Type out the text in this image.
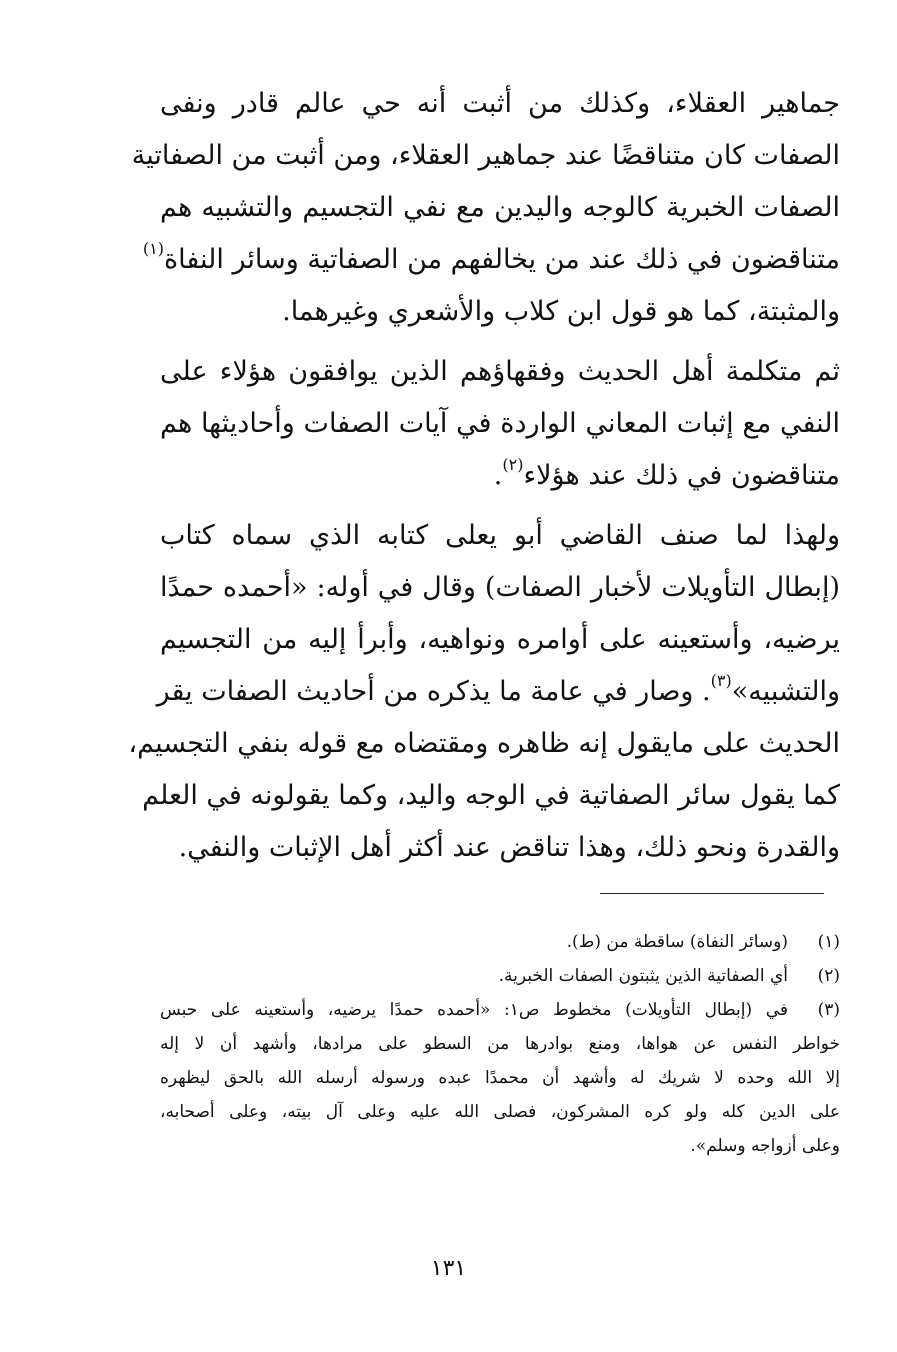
جماهير العقلاء، وكذلك من أثبت أنه حي عالم قادر ونفى
الصفات كان متناقضًا عند جماهير العقلاء، ومن أثبت من الصفاتية
الصفات الخبرية كالوجه واليدين مع نفي التجسيم والتشبيه هم
متناقضون في ذلك عند من يخالفهم من الصفاتية وسائر النفاة$^{(١)}$
والمثبتة، كما هو قول ابن كلاب والأشعري وغيرهما.
ثم متكلمة أهل الحديث وفقهاؤهم الذين يوافقون هؤلاء على
النفي مع إثبات المعاني الواردة في آيات الصفات وأحاديثها هم
متناقضون في ذلك عند هؤلاء$^{(٢)}$.
ولهذا لما صنف القاضي أبو يعلى كتابه الذي سماه كتاب
(إبطال التأويلات لأخبار الصفات) وقال في أوله: «أحمده حمدًا
يرضيه، وأستعينه على أوامره ونواهيه، وأبرأ إليه من التجسيم
والتشبيه»$^{(٣)}$. وصار في عامة ما يذكره من أحاديث الصفات يقر
الحديث على مايقول إنه ظاهره ومقتضاه مع قوله بنفي التجسيم،
كما يقول سائر الصفاتية في الوجه واليد، وكما يقولونه في العلم
والقدرة ونحو ذلك، وهذا تناقض عند أكثر أهل الإثبات والنفي.
(١)
(وسائر النفاة) ساقطة من (ط).
(٢)
أي الصفاتية الذين يثبتون الصفات الخبرية.
(٣)
في (إبطال التأويلات) مخطوط ص١: «أحمده حمدًا يرضيه، وأستعينه على حبس
خواطر النفس عن هواها، ومنع بوادرها من السطو على مرادها، وأشهد أن لا إله
إلا الله وحده لا شريك له وأشهد أن محمدًا عبده ورسوله أرسله الله بالحق ليظهره
على الدين كله ولو كره المشركون، فصلى الله عليه وعلى آل بيته، وعلى أصحابه،
وعلى أزواجه وسلم».
١٣١
